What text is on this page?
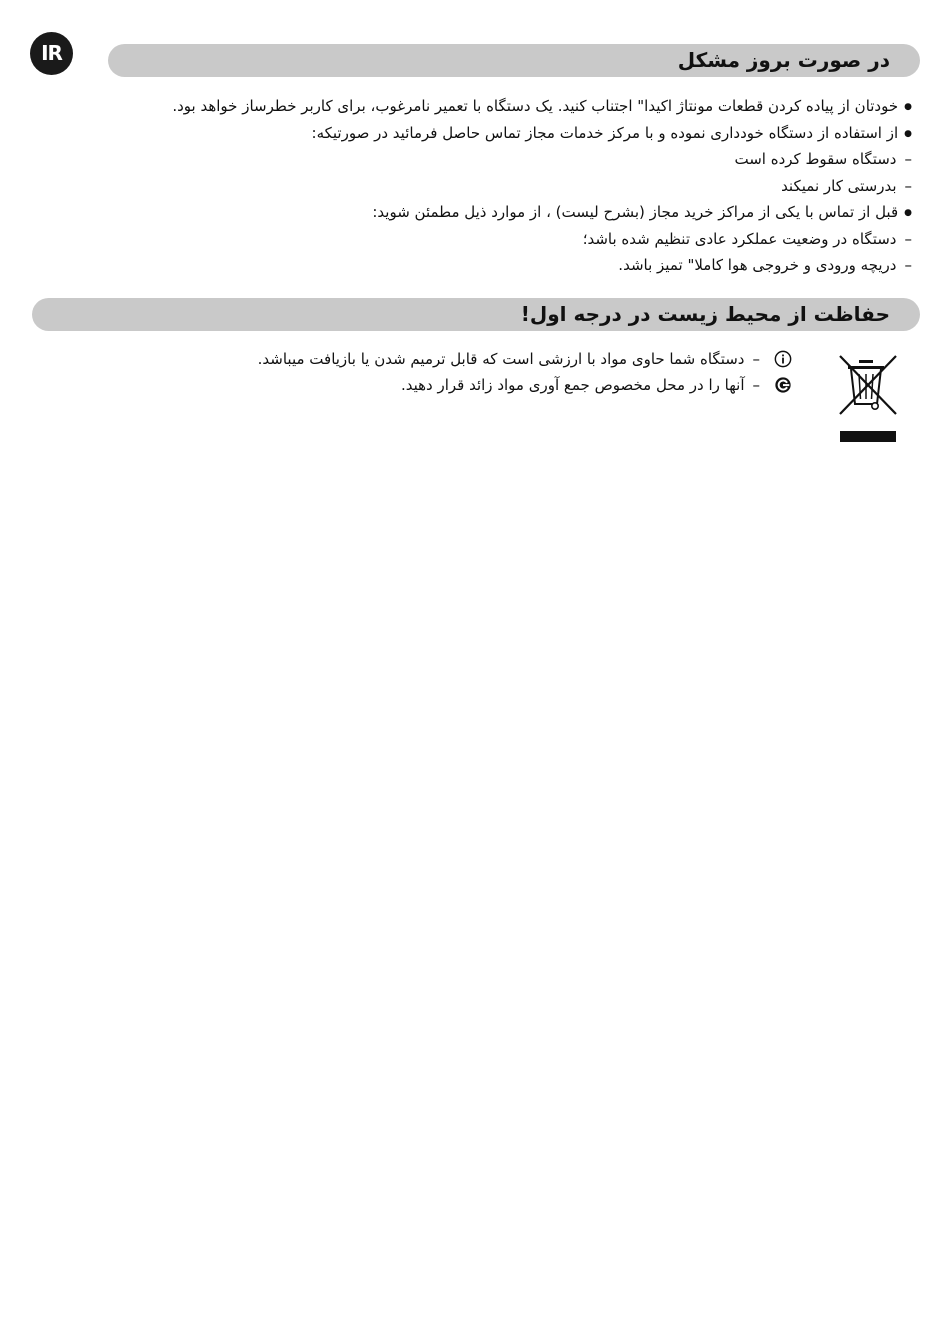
IR	در صورت بروز مشکل
● خودتان از پیاده کردن قطعات مونتاژ اکیدا" اجتناب کنید. یک دستگاه با تعمیر نامرغوب، برای کاربر خطرساز خواهد بود.
● از استفاده از دستگاه خودداری نموده و با مرکز خدمات مجاز تماس حاصل فرمائید در صورتیکه:
– دستگاه سقوط کرده است
– بدرستی کار نمیکند
● قبل از تماس با یکی از مراکز خرید مجاز (بشرح لیست) ، از موارد ذیل مطمئن شوید:
– دستگاه در وضعیت عملکرد عادی تنظیم شده باشد؛
– دریچه ورودی و خروجی هوا کاملا" تمیز باشد.
حفاظت از محیط زیست در درجه اول!
– دستگاه شما حاوی مواد با ارزشی است که قابل ترمیم شدن یا بازیافت میباشد.
– آنها را در محل مخصوص جمع آوری مواد زائد قرار دهید.
